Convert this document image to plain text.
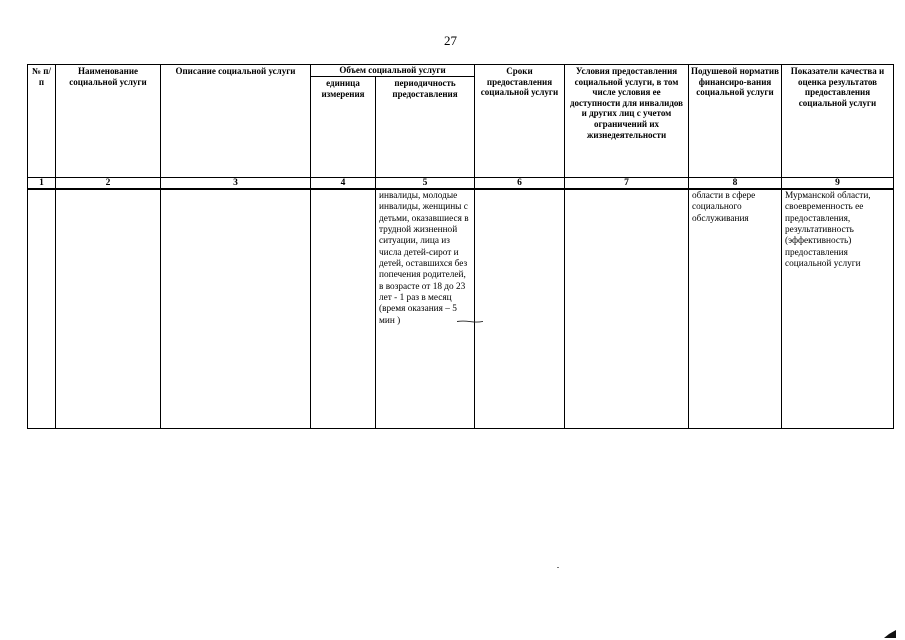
27
№ п/п	Наименование социальной услуги	Описание социальной услуги	Объем социальной услуги		Сроки предоставления социальной услуги	Условия предоставления социальной услуги, в том числе условия ее доступности для инвалидов и других лиц с учетом ограничений их жизнедеятельности	Подушевой норматив финансиро-вания социальной услуги	Показатели качества и оценка результатов предоставления социальной услуги
			единица измерения	периодичность предоставления				
1	2	3	4	5	6	7	8	9
				инвалиды, молодые инвалиды, женщины с детьми, оказавшиеся в трудной жизненной ситуации, лица из числа детей-сирот и детей, оставшихся без попечения родителей, в возрасте от 18 до 23 лет - 1 раз в месяц (время оказания – 5 мин )			области в сфере социального обслуживания	Мурманской области, своевременность ее предоставления, результативность (эффективность) предоставления социальной услуги
